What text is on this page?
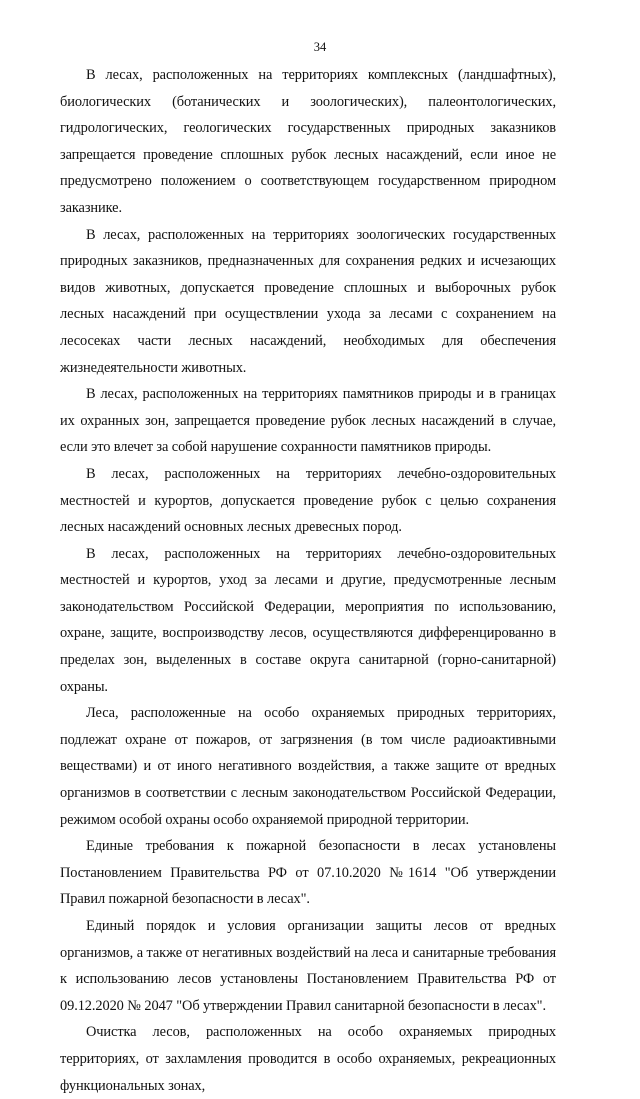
34

В лесах, расположенных на территориях комплексных (ландшафтных), биологических (ботанических и зоологических), палеонтологических, гидрологических, геологических государственных природных заказников запрещается проведение сплошных рубок лесных насаждений, если иное не предусмотрено положением о соответствующем государственном природном заказнике.

В лесах, расположенных на территориях зоологических государственных природных заказников, предназначенных для сохранения редких и исчезающих видов животных, допускается проведение сплошных и выборочных рубок лесных насаждений при осуществлении ухода за лесами с сохранением на лесосеках части лесных насаждений, необходимых для обеспечения жизнедеятельности животных.

В лесах, расположенных на территориях памятников природы и в границах их охранных зон, запрещается проведение рубок лесных насаждений в случае, если это влечет за собой нарушение сохранности памятников природы.

В лесах, расположенных на территориях лечебно-оздоровительных местностей и курортов, допускается проведение рубок с целью сохранения лесных насаждений основных лесных древесных пород.

В лесах, расположенных на территориях лечебно-оздоровительных местностей и курортов, уход за лесами и другие, предусмотренные лесным законодательством Российской Федерации, мероприятия по использованию, охране, защите, воспроизводству лесов, осуществляются дифференцированно в пределах зон, выделенных в составе округа санитарной (горно-санитарной) охраны.

Леса, расположенные на особо охраняемых природных территориях, подлежат охране от пожаров, от загрязнения (в том числе радиоактивными веществами) и от иного негативного воздействия, а также защите от вредных организмов в соответствии с лесным законодательством Российской Федерации, режимом особой охраны особо охраняемой природной территории.

Единые требования к пожарной безопасности в лесах установлены Постановлением Правительства РФ от 07.10.2020 №1614 "Об утверждении Правил пожарной безопасности в лесах".

Единый порядок и условия организации защиты лесов от вредных организмов, а также от негативных воздействий на леса и санитарные требования к использованию лесов установлены Постановлением Правительства РФ от 09.12.2020 № 2047 "Об утверждении Правил санитарной безопасности в лесах".

Очистка лесов, расположенных на особо охраняемых природных территориях, от захламления проводится в особо охраняемых, рекреационных функциональных зонах,
